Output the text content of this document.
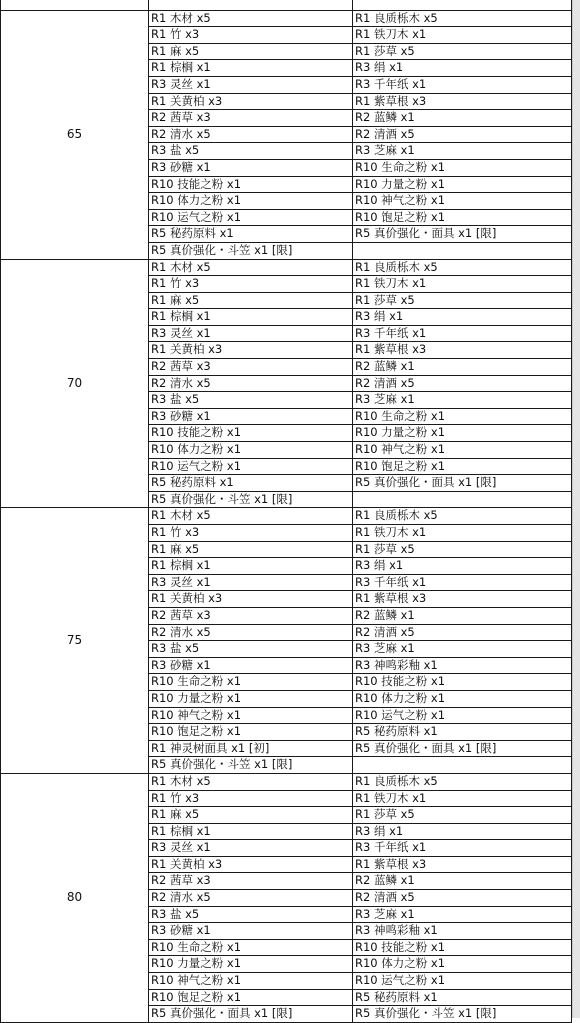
65	R1 木材 x5	R1 良质栎木 x5
	R1 竹 x3	R1 铁刀木 x1
	R1 麻 x5	R1 莎草 x5
	R1 棕榈 x1	R3 绢 x1
	R3 灵丝 x1	R3 千年纸 x1
	R1 关黄柏 x3	R1 紫草根 x3
	R2 茜草 x3	R2 蓝鳞 x1
	R2 清水 x5	R2 清酒 x5
	R3 盐 x5	R3 芝麻 x1
	R3 砂糖 x1	R10 生命之粉 x1
	R10 技能之粉 x1	R10 力量之粉 x1
	R10 体力之粉 x1	R10 神气之粉 x1
	R10 运气之粉 x1	R10 饱足之粉 x1
	R5 秘药原料 x1	R5 真价强化・面具 x1 [限]
	R5 真价强化・斗笠 x1 [限]	
70	R1 木材 x5	R1 良质栎木 x5
	R1 竹 x3	R1 铁刀木 x1
	R1 麻 x5	R1 莎草 x5
	R1 棕榈 x1	R3 绢 x1
	R3 灵丝 x1	R3 千年纸 x1
	R1 关黄柏 x3	R1 紫草根 x3
	R2 茜草 x3	R2 蓝鳞 x1
	R2 清水 x5	R2 清酒 x5
	R3 盐 x5	R3 芝麻 x1
	R3 砂糖 x1	R10 生命之粉 x1
	R10 技能之粉 x1	R10 力量之粉 x1
	R10 体力之粉 x1	R10 神气之粉 x1
	R10 运气之粉 x1	R10 饱足之粉 x1
	R5 秘药原料 x1	R5 真价强化・面具 x1 [限]
	R5 真价强化・斗笠 x1 [限]	
75	R1 木材 x5	R1 良质栎木 x5
	R1 竹 x3	R1 铁刀木 x1
	R1 麻 x5	R1 莎草 x5
	R1 棕榈 x1	R3 绢 x1
	R3 灵丝 x1	R3 千年纸 x1
	R1 关黄柏 x3	R1 紫草根 x3
	R2 茜草 x3	R2 蓝鳞 x1
	R2 清水 x5	R2 清酒 x5
	R3 盐 x5	R3 芝麻 x1
	R3 砂糖 x1	R3 神鸣彩釉 x1
	R10 生命之粉 x1	R10 技能之粉 x1
	R10 力量之粉 x1	R10 体力之粉 x1
	R10 神气之粉 x1	R10 运气之粉 x1
	R10 饱足之粉 x1	R5 秘药原料 x1
	R1 神灵树面具 x1 [初]	R5 真价强化・面具 x1 [限]
	R5 真价强化・斗笠 x1 [限]	
80	R1 木材 x5	R1 良质栎木 x5
	R1 竹 x3	R1 铁刀木 x1
	R1 麻 x5	R1 莎草 x5
	R1 棕榈 x1	R3 绢 x1
	R3 灵丝 x1	R3 千年纸 x1
	R1 关黄柏 x3	R1 紫草根 x3
	R2 茜草 x3	R2 蓝鳞 x1
	R2 清水 x5	R2 清酒 x5
	R3 盐 x5	R3 芝麻 x1
	R3 砂糖 x1	R3 神鸣彩釉 x1
	R10 生命之粉 x1	R10 技能之粉 x1
	R10 力量之粉 x1	R10 体力之粉 x1
	R10 神气之粉 x1	R10 运气之粉 x1
	R10 饱足之粉 x1	R5 秘药原料 x1
	R5 真价强化・面具 x1 [限]	R5 真价强化・斗笠 x1 [限]
